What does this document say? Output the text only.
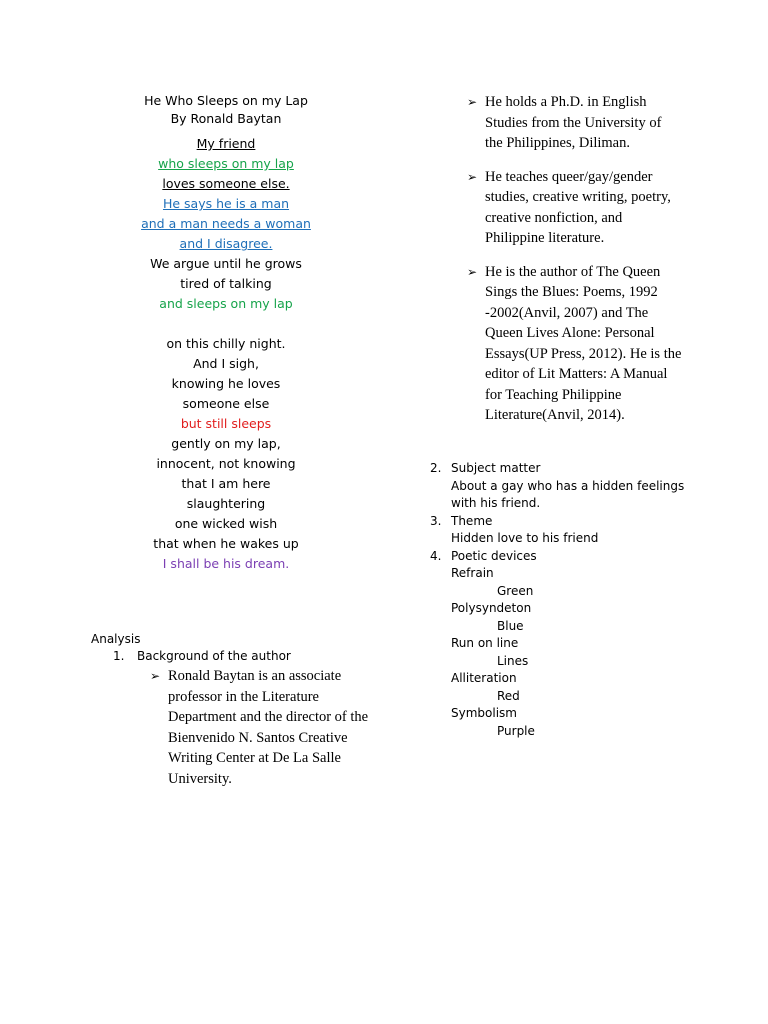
He Who Sleeps on my Lap
By Ronald Baytan
My friend
who sleeps on my lap
loves someone else.
He says he is a man
and a man needs a woman
and I disagree.
We argue until he grows
tired of talking
and sleeps on my lap
on this chilly night.
And I sigh,
knowing he loves
someone else
but still sleeps
gently on my lap,
innocent, not knowing
that I am here
slaughtering
one wicked wish
that when he wakes up
I shall be his dream.
Analysis
1.	Background of the author
➢ Ronald Baytan is an associate professor in the Literature Department and the director of the Bienvenido N. Santos Creative Writing Center at De La Salle University.
➢ He holds a Ph.D. in English Studies from the University of the Philippines, Diliman.
➢ He teaches queer/gay/gender studies, creative writing, poetry, creative nonfiction, and Philippine literature.
➢ He is the author of The Queen Sings the Blues: Poems, 1992 -2002(Anvil, 2007) and The Queen Lives Alone: Personal Essays(UP Press, 2012). He is the editor of Lit Matters: A Manual for Teaching Philippine Literature(Anvil, 2014).
2. Subject matter
About a gay who has a hidden feelings with his friend.
3. Theme
Hidden love to his friend
4. Poetic devices
Refrain
Green
Polysyndeton
Blue
Run on line
Lines
Alliteration
Red
Symbolism
Purple
